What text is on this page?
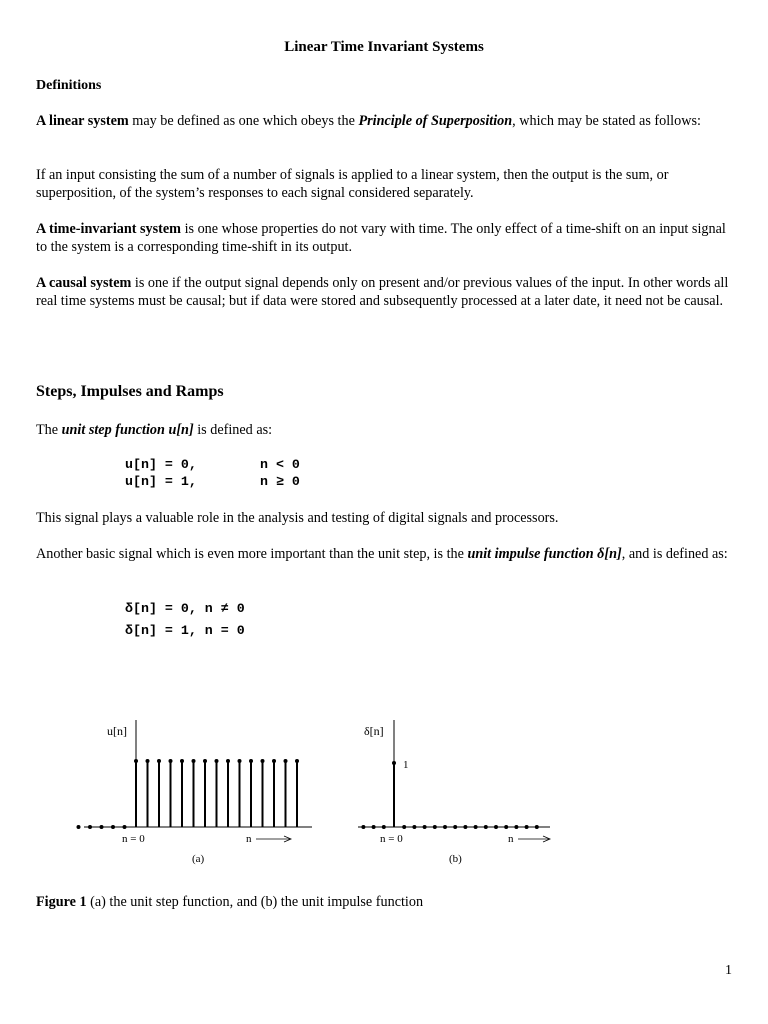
Linear Time Invariant Systems

Definitions

A linear system may be defined as one which obeys the Principle of Superposition, which may be stated as follows:

If an input consisting the sum of a number of signals is applied to a linear system, then the output is the sum, or superposition, of the system’s responses to each signal considered separately.

A time-invariant system is one whose properties do not vary with time. The only effect of a time-shift on an input signal to the system is a corresponding time-shift in its output.

A causal system is one if the output signal depends only on present and/or previous values of the input. In other words all real time systems must be causal; but if data were stored and subsequently processed at a later date, it need not be causal.

Steps, Impulses and Ramps

The unit step function u[n] is defined as:

u[n] = 0,	n < 0
u[n] = 1,	n ≥ 0

This signal plays a valuable role in the analysis and testing of digital signals and processors.

Another basic signal which is even more important than the unit step, is the unit impulse function δ[n], and is defined as:

δ[n] = 0, n ≠ 0
δ[n] = 1, n = 0
u[n]
n = 0	n
(a)
δ[n]
1
n = 0	n
(b)

Figure 1 (a) the unit step function, and (b) the unit impulse function

1
